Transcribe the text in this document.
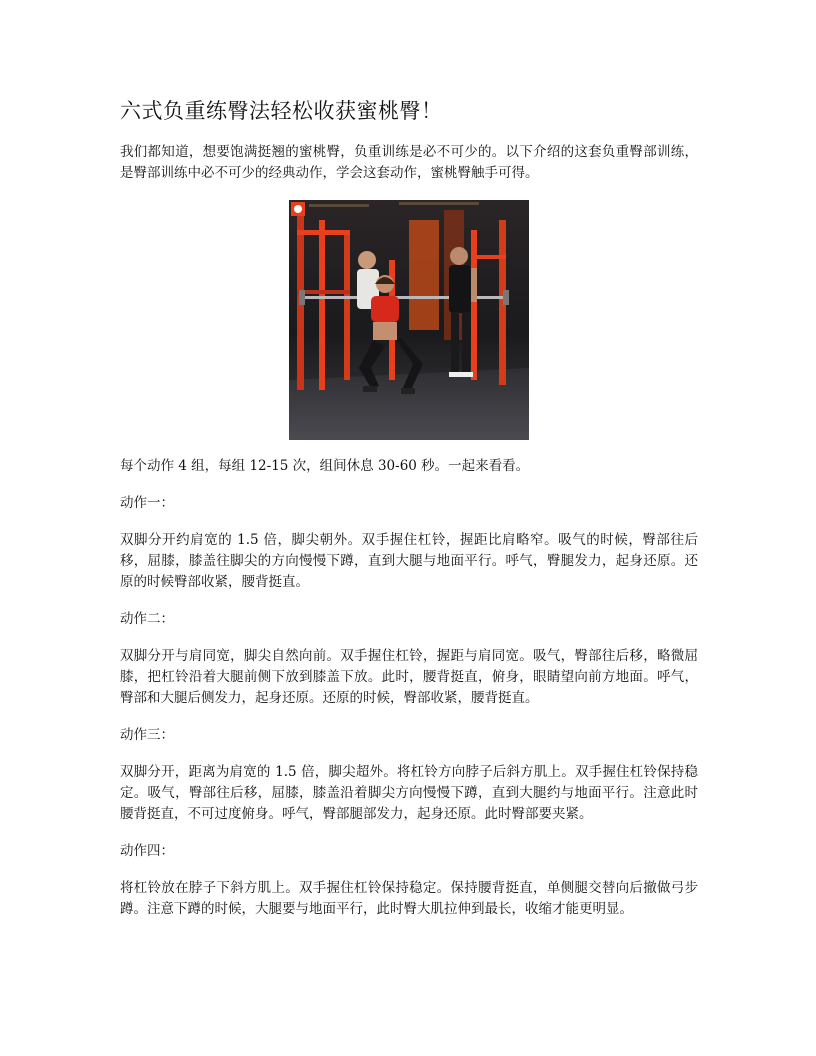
六式负重练臀法轻松收获蜜桃臀！

我们都知道，想要饱满挺翘的蜜桃臀，负重训练是必不可少的。以下介绍的这套负重臀部训练，是臀部训练中必不可少的经典动作，学会这套动作，蜜桃臀触手可得。

每个动作 4 组，每组 12-15 次，组间休息 30-60 秒。一起来看看。

动作一：

双脚分开约肩宽的 1.5 倍，脚尖朝外。双手握住杠铃，握距比肩略窄。吸气的时候，臀部往后移，屈膝，膝盖往脚尖的方向慢慢下蹲，直到大腿与地面平行。呼气，臀腿发力，起身还原。还原的时候臀部收紧，腰背挺直。

动作二：

双脚分开与肩同宽，脚尖自然向前。双手握住杠铃，握距与肩同宽。吸气，臀部往后移，略微屈膝，把杠铃沿着大腿前侧下放到膝盖下放。此时，腰背挺直，俯身，眼睛望向前方地面。呼气，臀部和大腿后侧发力，起身还原。还原的时候，臀部收紧，腰背挺直。

动作三：

双脚分开，距离为肩宽的 1.5 倍，脚尖超外。将杠铃方向脖子后斜方肌上。双手握住杠铃保持稳定。吸气，臀部往后移，屈膝，膝盖沿着脚尖方向慢慢下蹲，直到大腿约与地面平行。注意此时腰背挺直，不可过度俯身。呼气，臀部腿部发力，起身还原。此时臀部要夹紧。

动作四：

将杠铃放在脖子下斜方肌上。双手握住杠铃保持稳定。保持腰背挺直，单侧腿交替向后撤做弓步蹲。注意下蹲的时候，大腿要与地面平行，此时臀大肌拉伸到最长，收缩才能更明显。
